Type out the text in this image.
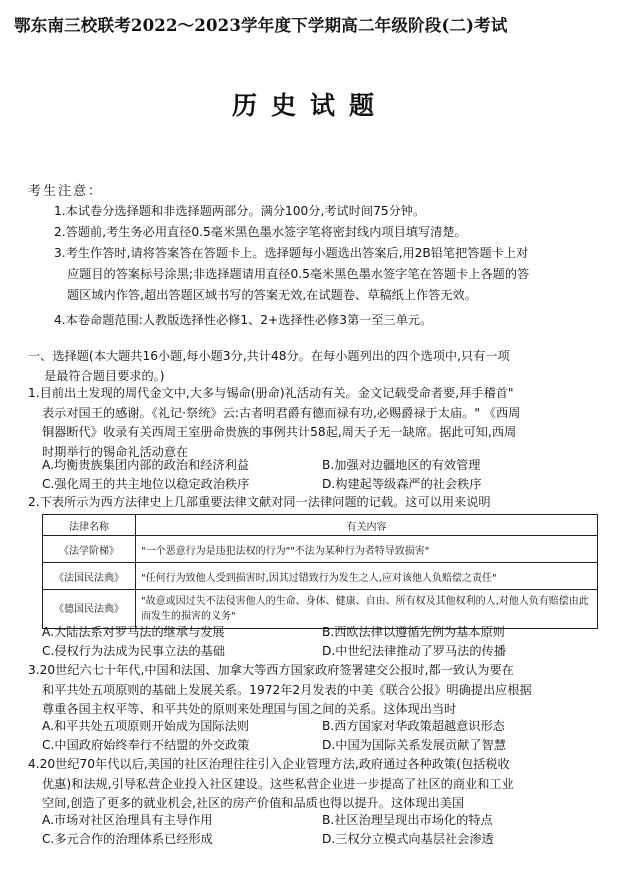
鄂东南三校联考2022～2023学年度下学期高二年级阶段(二)考试
历史试题
考生注意：
1.本试卷分选择题和非选择题两部分。满分100分,考试时间75分钟。
2.答题前,考生务必用直径0.5毫米黑色墨水签字笔将密封线内项目填写清楚。
3.考生作答时,请将答案答在答题卡上。选择题每小题选出答案后,用2B铅笔把答题卡上对
应题目的答案标号涂黑;非选择题请用直径0.5毫米黑色墨水签字笔在答题卡上各题的答
题区域内作答,超出答题区域书写的答案无效,在试题卷、草稿纸上作答无效。
4.本卷命题范围:人教版选择性必修1、2+选择性必修3第一至三单元。
一、选择题(本大题共16小题,每小题3分,共计48分。在每小题列出的四个选项中,只有一项
是最符合题目要求的。)
1.目前出土发现的周代金文中,大多与锡命(册命)礼活动有关。金文记载受命者要,拜手稽首"
表示对国王的感谢。《礼记·祭统》云:古者明君爵有德而禄有功,必赐爵禄于太庙。" 《西周
铜器断代》收录有关西周王室册命贵族的事例共计58起,周天子无一缺席。据此可知,西周
时期举行的锡命礼活动意在
A.均衡贵族集团内部的政治和经济利益	B.加强对边疆地区的有效管理
C.强化周王的共主地位以稳定政治秩序	D.构建起等级森严的社会秩序
2.下表所示为西方法律史上几部重要法律文献对同一法律问题的记载。这可以用来说明
法律名称	有关内容
《法学阶梯》	"一个恶意行为是违犯法权的行为""不法为某种行为者特导致损害"
《法国民法典》	"任何行为致他人受到损害时,因其过错致行为发生之人,应对该他人负赔偿之责任"
《德国民法典》	"故意或因过失不法侵害他人的生命、身体、健康、自由、所有权及其他权利的人,对他人负有赔偿由此而发生的损害的义务"
A.大陆法系对罗马法的继承与发展	B.西欧法律以遵循先例为基本原则
C.侵权行为法成为民事立法的基础	D.中世纪法律推动了罗马法的传播
3.20世纪六七十年代,中国和法国、加拿大等西方国家政府签署建交公报时,都一致认为要在
和平共处五项原则的基础上发展关系。1972年2月发表的中美《联合公报》明确提出应根据
尊重各国主权平等、和平共处的原则来处理国与国之间的关系。这体现出当时
A.和平共处五项原则开始成为国际法则	B.西方国家对华政策超越意识形态
C.中国政府始终奉行不结盟的外交政策	D.中国为国际关系发展贡献了智慧
4.20世纪70年代以后,美国的社区治理往往引入企业管理方法,政府通过各种政策(包括税收
优惠)和法规,引导私营企业投入社区建设。这些私营企业进一步提高了社区的商业和工业
空间,创造了更多的就业机会,社区的房产价值和品质也得以提升。这体现出美国
A.市场对社区治理具有主导作用	B.社区治理呈现出市场化的特点
C.多元合作的治理体系已经形成	D.三权分立模式向基层社会渗透
